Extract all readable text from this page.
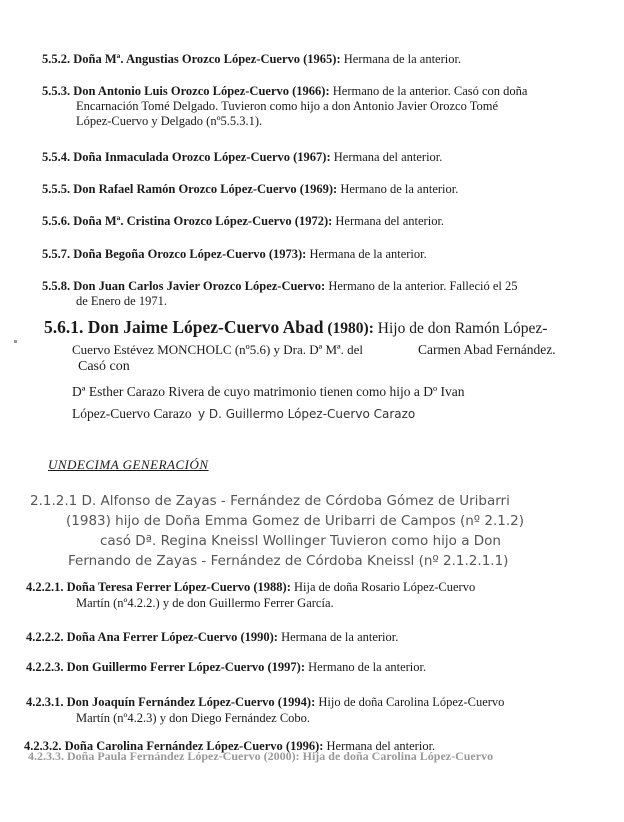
5.5.2. Doña Mª. Angustias Orozco López-Cuervo (1965): Hermana de la anterior.
5.5.3. Don Antonio Luis Orozco López-Cuervo (1966): Hermano de la anterior. Casó con doña
Encarnación Tomé Delgado. Tuvieron como hijo a don Antonio Javier Orozco Tomé
López-Cuervo y Delgado (nº5.5.3.1).
5.5.4. Doña Inmaculada Orozco López-Cuervo (1967): Hermana del anterior.
5.5.5. Don Rafael Ramón Orozco López-Cuervo (1969): Hermano de la anterior.
5.5.6. Doña Mª. Cristina Orozco López-Cuervo (1972): Hermana del anterior.
5.5.7. Doña Begoña Orozco López-Cuervo (1973): Hermana de la anterior.
5.5.8. Don Juan Carlos Javier Orozco López-Cuervo: Hermano de la anterior. Falleció el 25
de Enero de 1971.
5.6.1. Don Jaime López-Cuervo Abad (1980): Hijo de don Ramón López-
Cuervo Estévez MONCHOLC (nº5.6) y Dra. Dª Mª. del	Carmen Abad Fernández.
Casó con
Dª Esther Carazo Rivera de cuyo matrimonio tienen como hijo a Dº Ivan
López-Cuervo Carazo y D. Guillermo López-Cuervo Carazo
UNDECIMA GENERACIÓN
2.1.2.1 D. Alfonso de Zayas - Fernández de Córdoba Gómez de Uribarri
(1983) hijo de Doña Emma Gomez de Uribarri de Campos (nº 2.1.2)
casó Dª. Regina Kneissl Wollinger Tuvieron como hijo a Don
Fernando de Zayas - Fernández de Córdoba Kneissl (nº 2.1.2.1.1)
4.2.2.1. Doña Teresa Ferrer López-Cuervo (1988): Hija de doña Rosario López-Cuervo
Martín (nº4.2.2.) y de don Guillermo Ferrer García.
4.2.2.2. Doña Ana Ferrer López-Cuervo (1990): Hermana de la anterior.
4.2.2.3. Don Guillermo Ferrer López-Cuervo (1997): Hermano de la anterior.
4.2.3.1. Don Joaquín Fernández López-Cuervo (1994): Hijo de doña Carolina López-Cuervo
Martín (nº4.2.3) y don Diego Fernández Cobo.
4.2.3.2. Doña Carolina Fernández López-Cuervo (1996): Hermana del anterior.
4.2.3.3. Doña Paula Fernández López-Cuervo (2000): Hija de doña Carolina López-Cuervo
